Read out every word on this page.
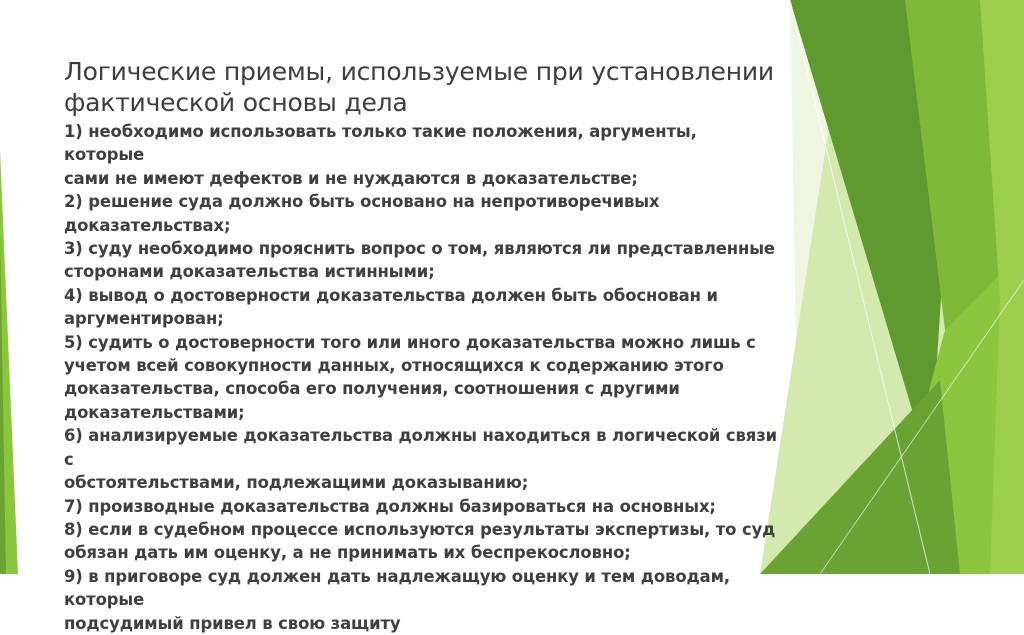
Логические приемы, используемые при установлении
фактической основы дела
1) необходимо использовать только такие положения, аргументы, которые
сами не имеют дефектов и не нуждаются в доказательстве;
2) решение суда должно быть основано на непротиворечивых
доказательствах;
3) суду необходимо прояснить вопрос о том, являются ли представленные
сторонами доказательства истинными;
4) вывод о достоверности доказательства должен быть обоснован и
аргументирован;
5) судить о достоверности того или иного доказательства можно лишь с
учетом всей совокупности данных, относящихся к содержанию этого
доказательства, способа его получения, соотношения с другими
доказательствами;
6) анализируемые доказательства должны находиться в логической связи с
обстоятельствами, подлежащими доказыванию;
7) производные доказательства должны базироваться на основных;
8) если в судебном процессе используются результаты экспертизы, то суд
обязан дать им оценку, а не принимать их беспрекословно;
9) в приговоре суд должен дать надлежащую оценку и тем доводам, которые
подсудимый привел в свою защиту
